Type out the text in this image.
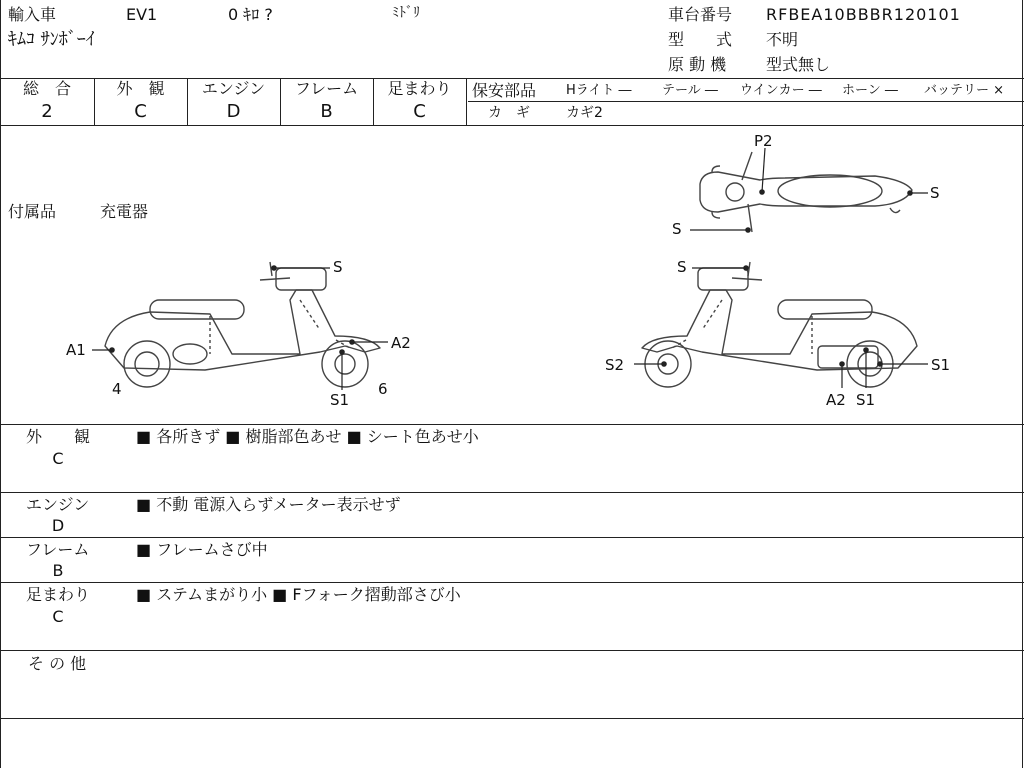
輸入車	EV1	0 ｷﾛ ?	ﾐﾄﾞﾘ
ｷﾑｺ ｻﾝﾎﾞｰｲ
車台番号 RFBEA10BBBR120101
型　　式 不明
原 動 機 型式無し
総　合
2
外　観
C
エンジン
D
フレーム
B
足まわり
C
保安部品 Hライト ― テール ― ウインカー ― ホーン ― バッテリー ×
カ　ギ	カギ2
付属品	充電器
P2
S
S
S
A1	A2
S1
4	6
S
S2	S1
A2 S1
外　　観
C
■ 各所きず ■ 樹脂部色あせ ■ シート色あせ小
エンジン
D
■ 不動 電源入らずメーター表示せず
フレーム
B
■ フレームさび中
足まわり
C
■ ステムまがり小 ■ Fフォーク摺動部さび小
そ の 他
